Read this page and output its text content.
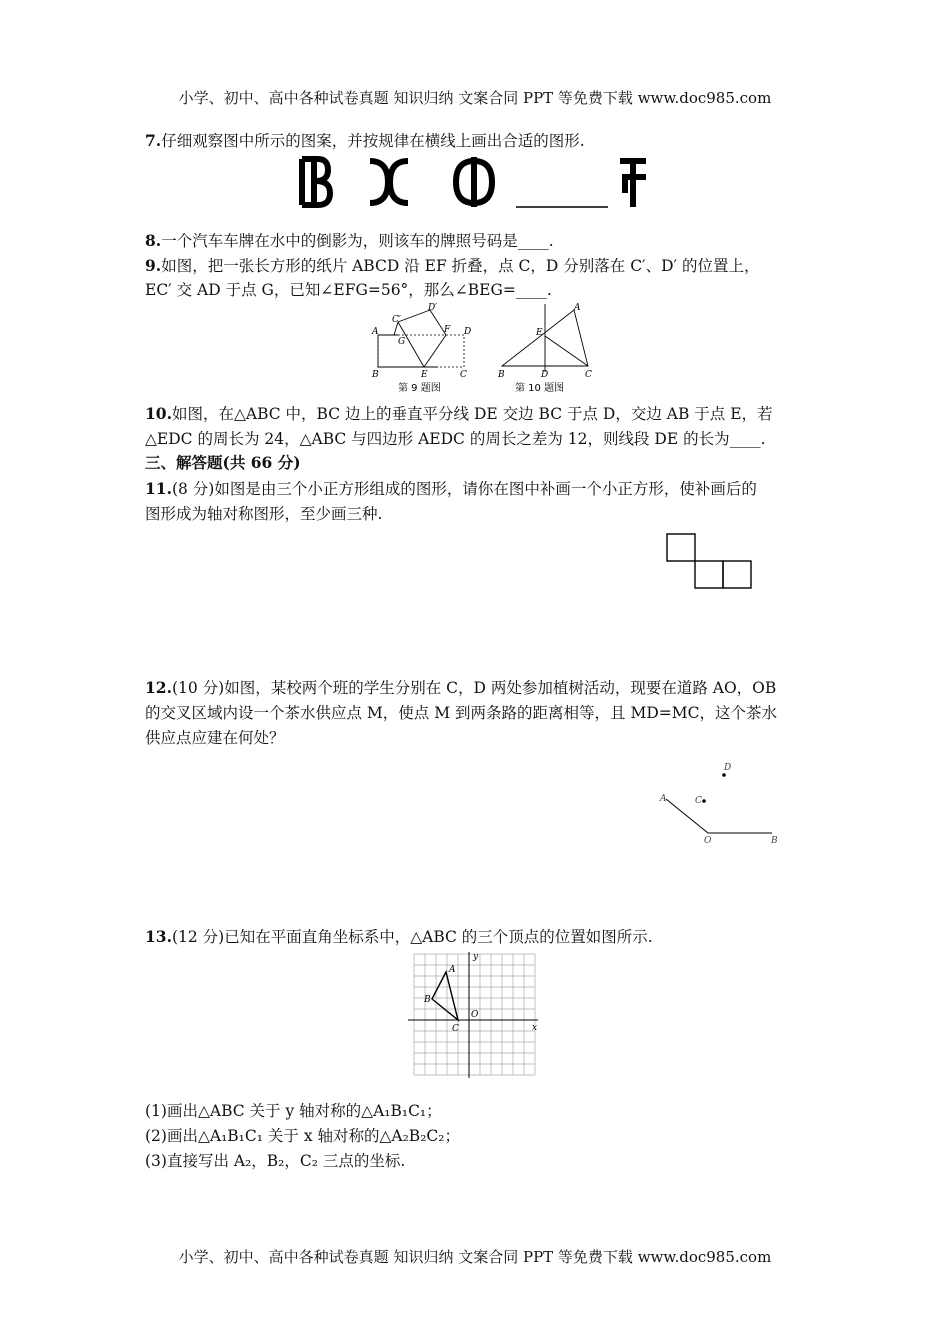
小学、初中、高中各种试卷真题 知识归纳 文案合同 PPT 等免费下载 www.doc985.com
7.仔细观察图中所示的图案，并按规律在横线上画出合适的图形.
8.一个汽车车牌在水中的倒影为，则该车的牌照号码是____.
9.如图，把一张长方形的纸片 ABCD 沿 EF 折叠，点 C，D 分别落在 C′、D′ 的位置上，
EC′ 交 AD 于点 G，已知∠EFG=56°，那么∠BEG=____.
A
B	C
D
E
F
G
C′
D′
B	C
D
E
A
第 9 题图	第 10 题图
10.如图，在△ABC 中，BC 边上的垂直平分线 DE 交边 BC 于点 D，交边 AB 于点 E，若
△EDC 的周长为 24，△ABC 与四边形 AEDC 的周长之差为 12，则线段 DE 的长为____.
三、解答题(共 66 分)
11.(8 分)如图是由三个小正方形组成的图形，请你在图中补画一个小正方形，使补画后的
图形成为轴对称图形，至少画三种.
12.(10 分)如图，某校两个班的学生分别在 C，D 两处参加植树活动，现要在道路 AO，OB
的交叉区域内设一个茶水供应点 M，使点 M 到两条路的距离相等，且 MD=MC，这个茶水
供应点应建在何处？
A
B
C
D
O
13.(12 分)已知在平面直角坐标系中，△ABC 的三个顶点的位置如图所示.
A
B
C
O
x
y
(1)画出△ABC 关于 y 轴对称的△A₁B₁C₁；
(2)画出△A₁B₁C₁ 关于 x 轴对称的△A₂B₂C₂；
(3)直接写出 A₂，B₂，C₂ 三点的坐标.
小学、初中、高中各种试卷真题 知识归纳 文案合同 PPT 等免费下载 www.doc985.com
